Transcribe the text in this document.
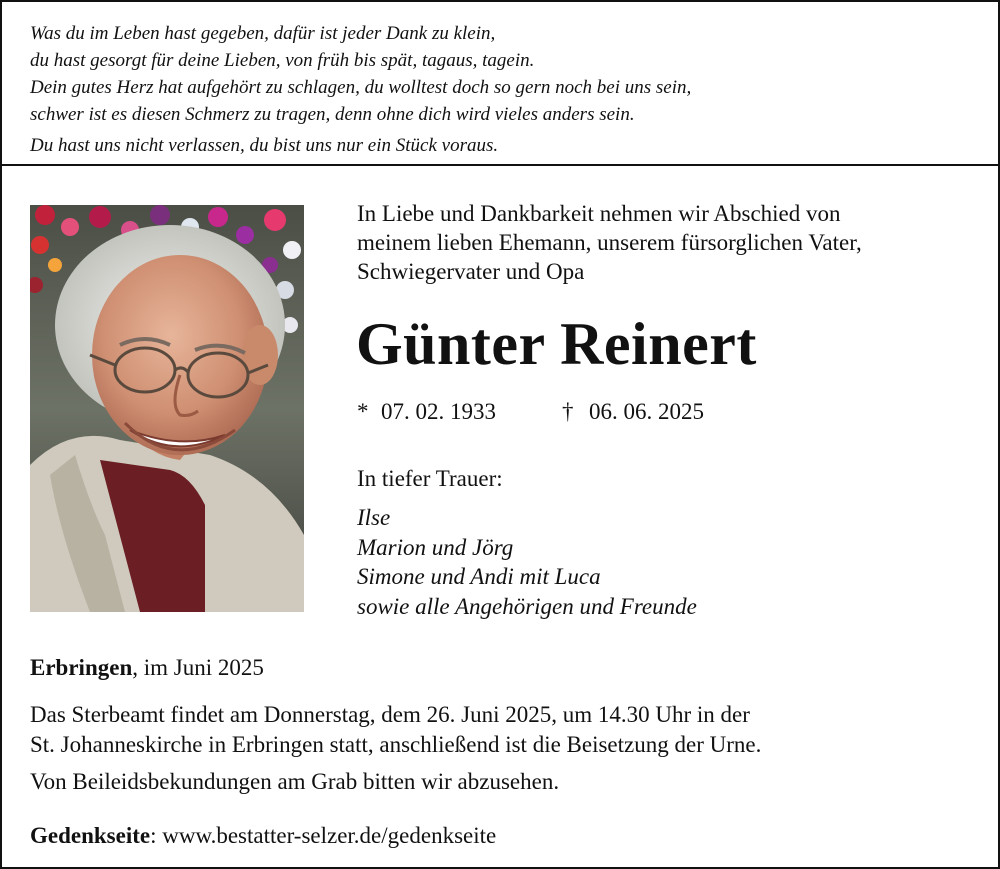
Was du im Leben hast gegeben, dafür ist jeder Dank zu klein,
du hast gesorgt für deine Lieben, von früh bis spät, tagaus, tagein.
Dein gutes Herz hat aufgehört zu schlagen, du wolltest doch so gern noch bei uns sein,
schwer ist es diesen Schmerz zu tragen, denn ohne dich wird vieles anders sein.
Du hast uns nicht verlassen, du bist uns nur ein Stück voraus.
In Liebe und Dankbarkeit nehmen wir Abschied von
meinem lieben Ehemann, unserem fürsorglichen Vater,
Schwiegervater und Opa
Günter Reinert
* 07. 02. 1933	† 06. 06. 2025
In tiefer Trauer:
Ilse
Marion und Jörg
Simone und Andi mit Luca
sowie alle Angehörigen und Freunde
Erbringen, im Juni 2025
Das Sterbeamt findet am Donnerstag, dem 26. Juni 2025, um 14.30 Uhr in der
St. Johanneskirche in Erbringen statt, anschließend ist die Beisetzung der Urne.
Von Beileidsbekundungen am Grab bitten wir abzusehen.
Gedenkseite: www.bestatter-selzer.de/gedenkseite
